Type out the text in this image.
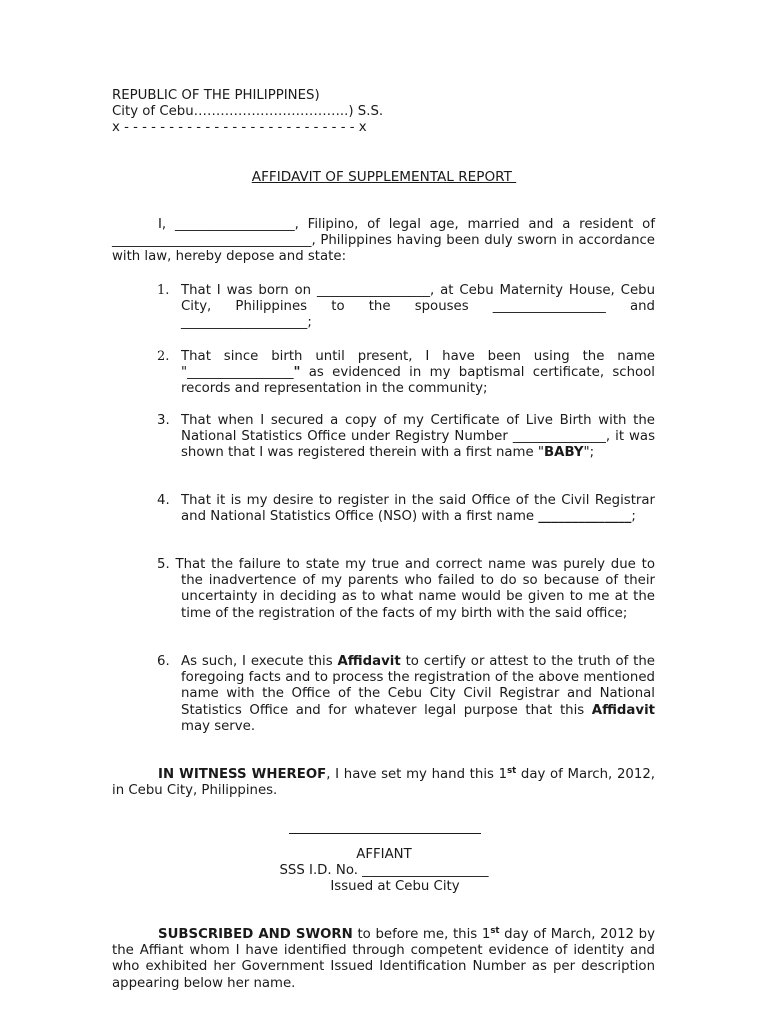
REPUBLIC OF THE PHILIPPINES)
City of Cebu……………………………..) S.S.
x - - - - - - - - - - - - - - - - - - - - - - - - - - x
AFFIDAVIT OF SUPPLEMENTAL REPORT
I, __________________, Filipino, of legal age, married and a resident of ______________________________, Philippines having been duly sworn in accordance with law, hereby depose and state:
1. That I was born on _________________, at Cebu Maternity House, Cebu City, Philippines to the spouses _________________ and ___________________;
2. That since birth until present, I have been using the name "________________" as evidenced in my baptismal certificate, school records and representation in the community;
3. That when I secured a copy of my Certificate of Live Birth with the National Statistics Office under Registry Number ______________, it was shown that I was registered therein with a first name "BABY";
4. That it is my desire to register in the said Office of the Civil Registrar and National Statistics Office (NSO) with a first name ______________;
5. That the failure to state my true and correct name was purely due to the inadvertence of my parents who failed to do so because of their uncertainty in deciding as to what name would be given to me at the time of the registration of the facts of my birth with the said office;
6. As such, I execute this Affidavit to certify or attest to the truth of the foregoing facts and to process the registration of the above mentioned name with the Office of the Cebu City Civil Registrar and National Statistics Office and for whatever legal purpose that this Affidavit may serve.
IN WITNESS WHEREOF, I have set my hand this 1st day of March, 2012, in Cebu City, Philippines.
AFFIANT
SSS I.D. No. ___________________
Issued at Cebu City
SUBSCRIBED AND SWORN to before me, this 1st day of March, 2012 by the Affiant whom I have identified through competent evidence of identity and who exhibited her Government Issued Identification Number as per description appearing below her name.
